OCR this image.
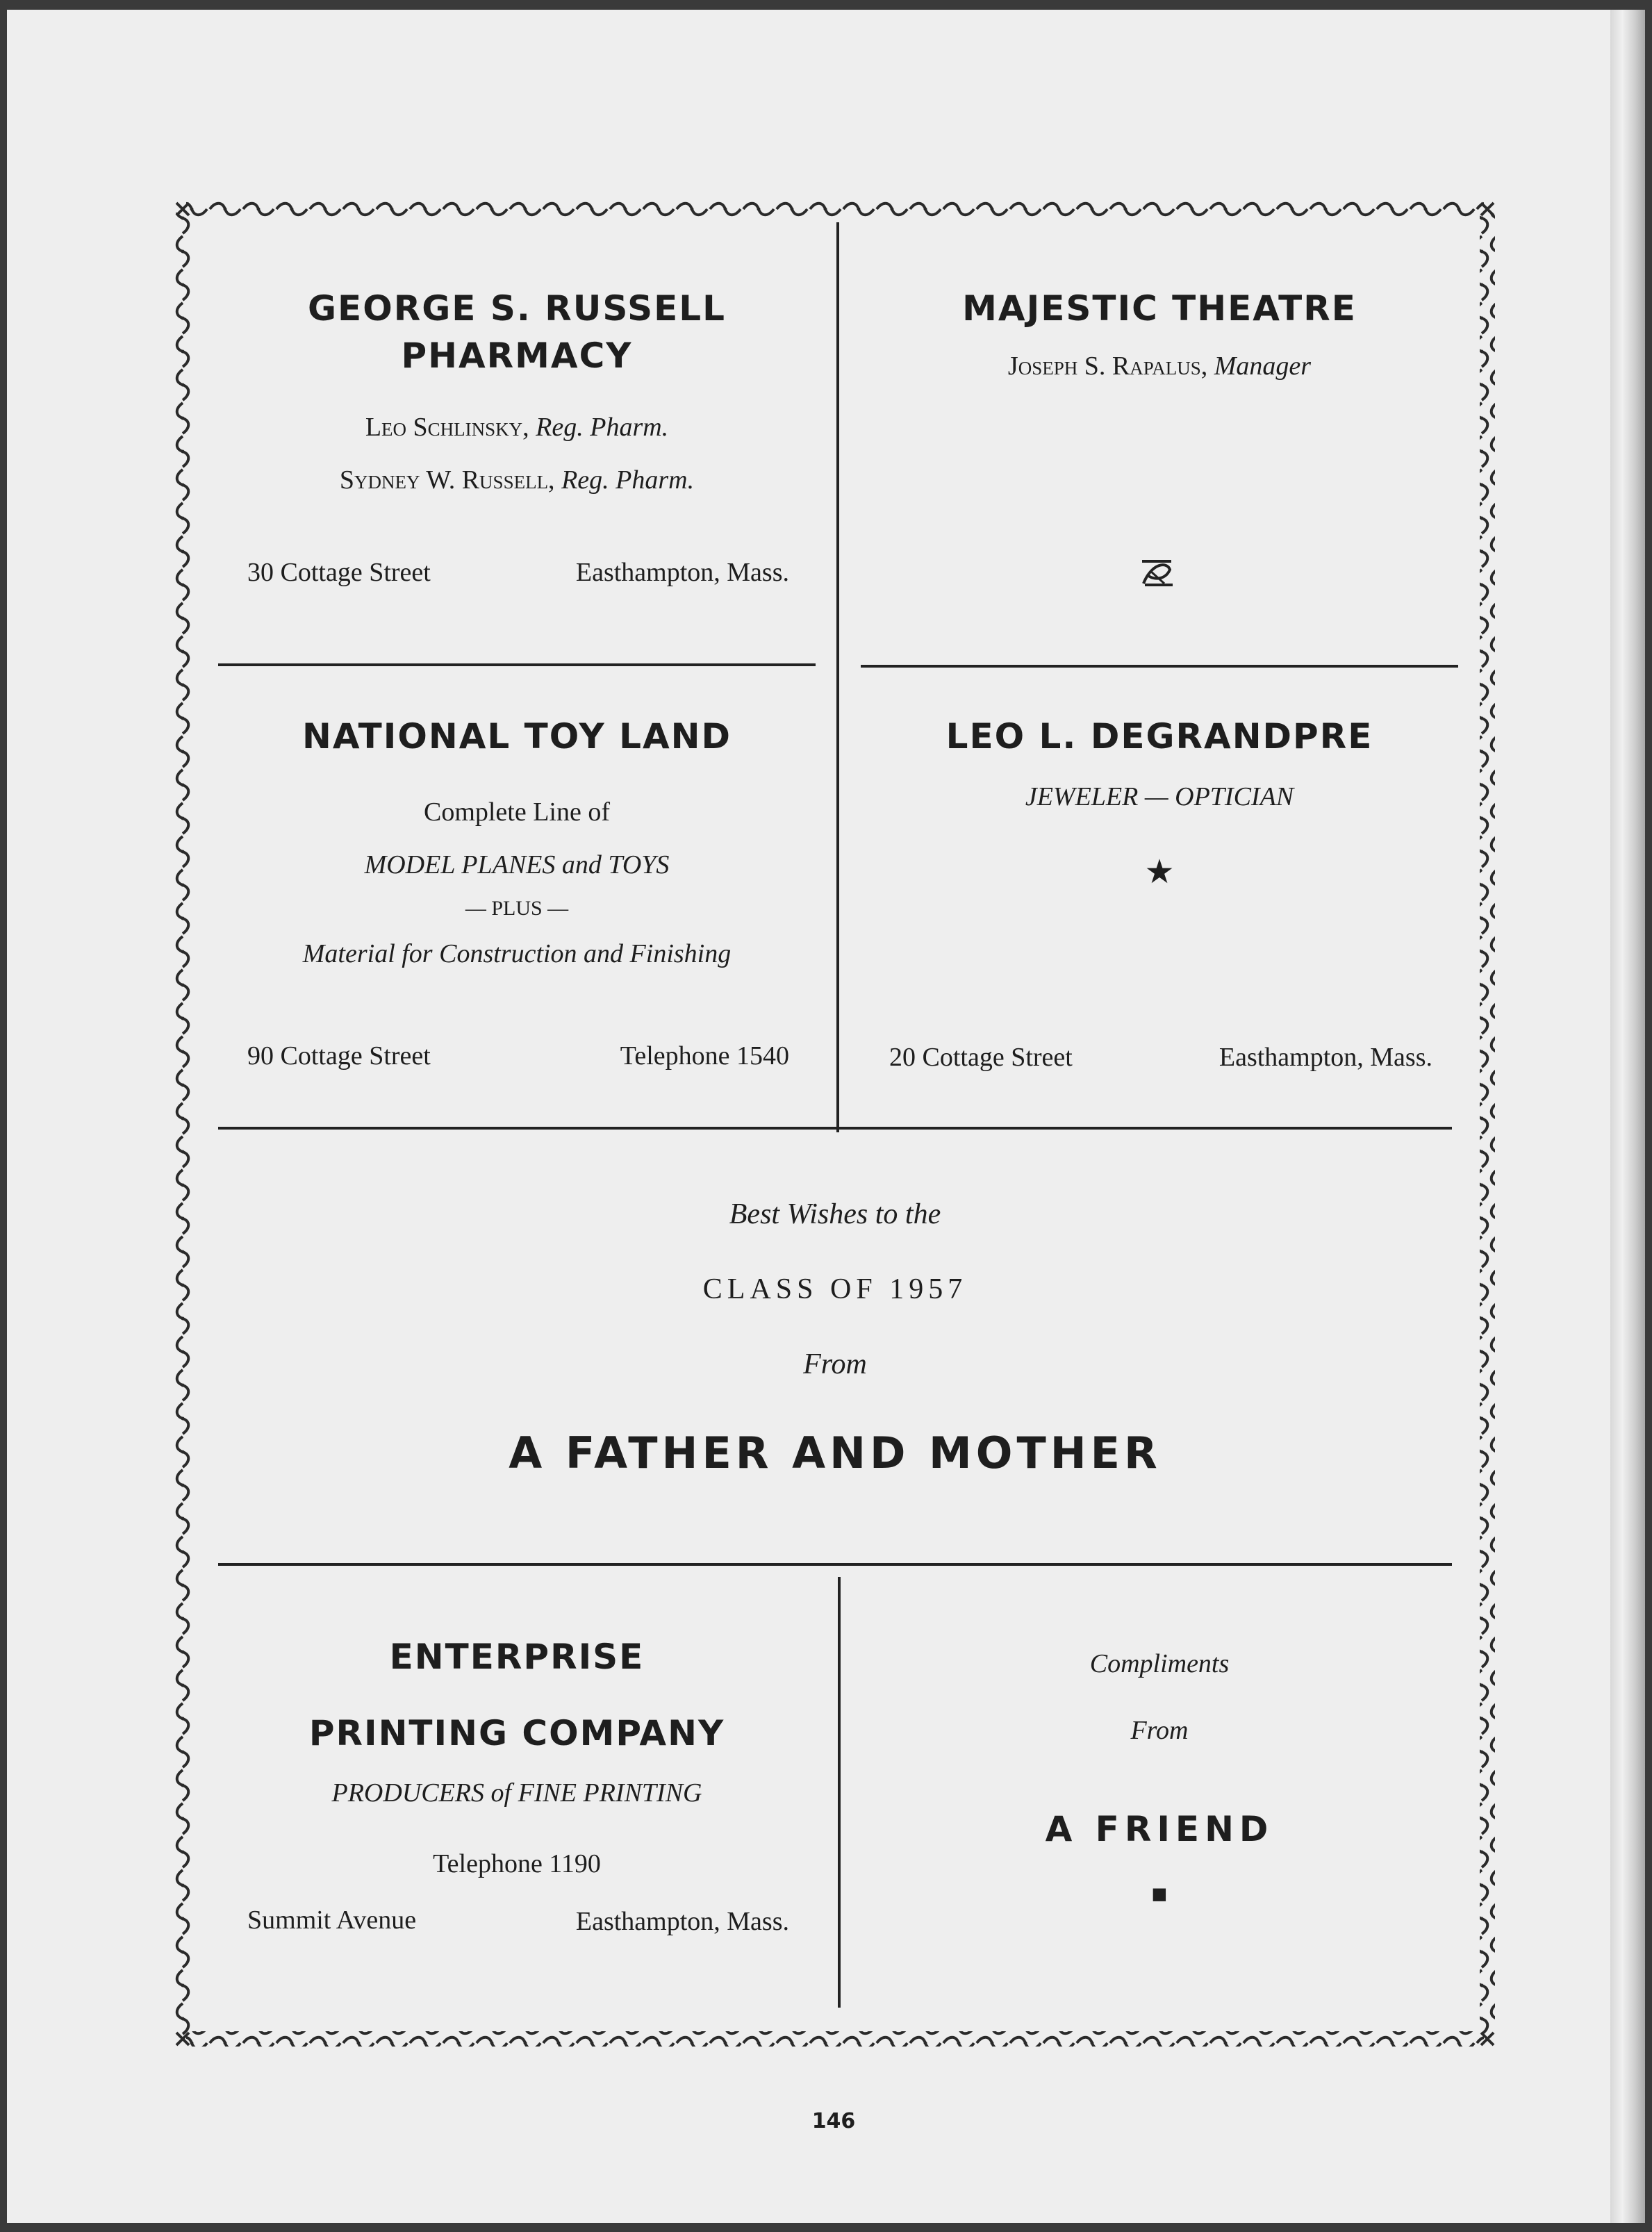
GEORGE S. RUSSELL
PHARMACY
Leo Schlinsky, Reg. Pharm.
Sydney W. Russell, Reg. Pharm.
30 Cottage Street	Easthampton, Mass.
MAJESTIC THEATRE
Joseph S. Rapalus, Manager
NATIONAL TOY LAND
Complete Line of
MODEL PLANES and TOYS
— PLUS —
Material for Construction and Finishing
90 Cottage Street	Telephone 1540
LEO L. DEGRANDPRE
JEWELER — OPTICIAN
★
20 Cottage Street	Easthampton, Mass.
Best Wishes to the
CLASS OF 1957
From
A FATHER AND MOTHER
ENTERPRISE
PRINTING COMPANY
PRODUCERS of FINE PRINTING
Telephone 1190
Summit Avenue	Easthampton, Mass.
Compliments
From
A FRIEND
■
146
